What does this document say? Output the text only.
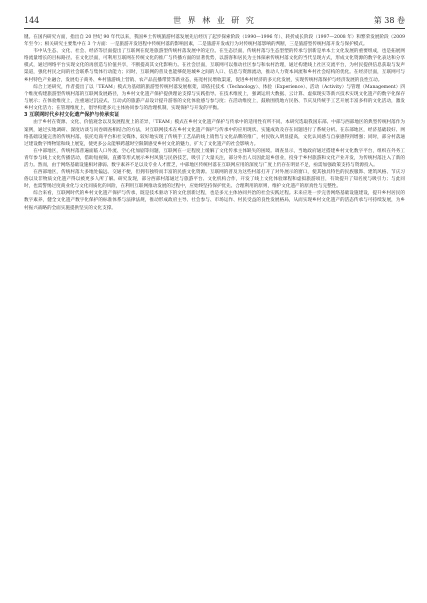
144	世 界 林 业 研 究	第 38 卷

键。在国内研究方面，指出自 20 世纪 90 年代以来，我国乡土传统旅游村落发展先后经历了起步探索阶段（1990—1996 年）、转折成长阶段（1997—2008 年）和繁荣发展阶段（2009 年至今）；相关研究主要集中在 3 个方面：一是旅游开发进程中传统村落的影响因素，二是旅游开发或行为对传统村落影响的判断，三是旅游型传统村落开发与保护模式。

韦中从生态、文化、社会、经济等层面提出了互联网在促进旅游型传统村落发展中的定位。在生态层面，传统村落与生态型塑的传承与创新是单本土文化发展的重要组成，也是拓展网络流量增长的目标路径。在文化层面，可利用互联网在传统文化的推广与传播方面的显著优势，以游客和居民为主体探索传统村落文化的当代呈现方式，形成文化资源的数字化表达和分享模式，通过网络平台实现文化的再创造与价值共享，不断提高其文化影响力。在社会层面，互联网可以推动社区参与和农村治理，通过构建线上社区交流平台，为村民提供信息获取与发声渠道，强化村民之间的社会联系与集体行动能力；同时，互联网的普及也能够促进城乡之间的人口、信息与资源流动，推动人力资本回流和乡村社会结构的优化。在经济层面，互联网可与乡村特色产业融合，发展电子商务、乡村旅游线上营销、农产品直播带货等新业态，拓宽村民增收渠道，促进乡村经济的多元化发展，实现传统村落保护与经济发展的良性互动。

综合上述研究，作者提出了以「TEAM」模式为基础的旅游型传统村落发展框架，即依托技术（Technology）、体验（Experience）、活动（Activity）与管理（Management）四个维度构建旅游型传统村落的互联网发展路径，为乡村文化遗产保护提供理论支撑与实践指导。在技术维度上，强调运用大数据、云计算、虚拟现实等新兴技术实现文化遗产的数字化保存与展示；在体验维度上，注重通过沉浸式、互动式的旅游产品设计提升游客的文化体验感与参与度；在活动维度上，鼓励围绕地方民俗、节庆及传统手工艺开展丰富多样的文化活动，激发乡村文化活力；在管理维度上，倡导构建多元主体协同参与的治理机制，实现保护与开发的平衡。

3 互联网时代乡村文化遗产保护与传承实证

由于乡村在资源、文化、价值观念以及发展程度上的差异，「TEAM」模式在乡村文化遗产保护与传承中的适用性有所不同。本研究选取我国东部、中部与西部地区的典型传统村落作为案例，通过实地调研、深度访谈与问卷调查相结合的方法，对互联网技术在乡村文化遗产保护与传承中的应用现状、实施成效及存在问题进行了系统分析。在东部地区，经济基础较好、网络基础设施完善的传统村落，依托电商平台和社交媒体，较好地实现了传统手工艺品的线上销售与文化品牌的推广，村民收入明显提高，文化认同感与自豪感得到增强；同时，部分村落通过建设数字博物馆和线上展览，使更多公众能够跨越时空限制感受乡村文化的魅力，扩大了文化遗产的社会影响力。

在中部地区，传统村落普遍面临人口外流、空心化加剧等问题，互联网在一定程度上缓解了文化传承主体缺失的困境。调查显示，当地政府通过搭建乡村文化数字平台，组织在外务工青年参与线上文化传播活动，借助短视频、直播等形式展示乡村风貌与民俗技艺，吸引了大量关注，部分外出人员因此返乡创业，投身于乡村旅游和文化产业开发，为传统村落注入了新的活力。然而，由于网络基础设施相对薄弱、数字素养不足以及专业人才匮乏，中部地区传统村落在互联网应用的深度与广度上仍存在明显不足，亟需加强政策支持与资源投入。

在西部地区，传统村落大多地处偏远、交通不便，但拥有独特而丰富的民族文化资源。互联网的普及为这些村落打开了对外展示的窗口，使其独具特色的民族服饰、建筑风格、节庆习俗以及非物质文化遗产得以被更多人所了解。研究发现，部分西部村落通过与旅游平台、文化机构合作，开发了线上文化体验课程和虚拟旅游项目，有效提升了知名度与吸引力；与此同时，也需警惕过度商业化与文化同质化的风险，在利用互联网推动发展的过程中，应始终坚持保护优先、合理利用的原则，维护文化遗产的原真性与完整性。

综合来看，互联网时代的乡村文化遗产保护与传承，既是技术驱动下的文化创新过程，也是多元主体协同共治的社会实践过程。未来应进一步完善网络基础设施建设，提升乡村居民的数字素养，健全文化遗产数字化保护的标准体系与法律法规，推动形成政府主导、社会参与、市场运作、村民受益的良性发展格局，从而实现乡村文化遗产的活态传承与可持续发展，为乡村振兴战略的全面实施提供坚实的文化支撑。
